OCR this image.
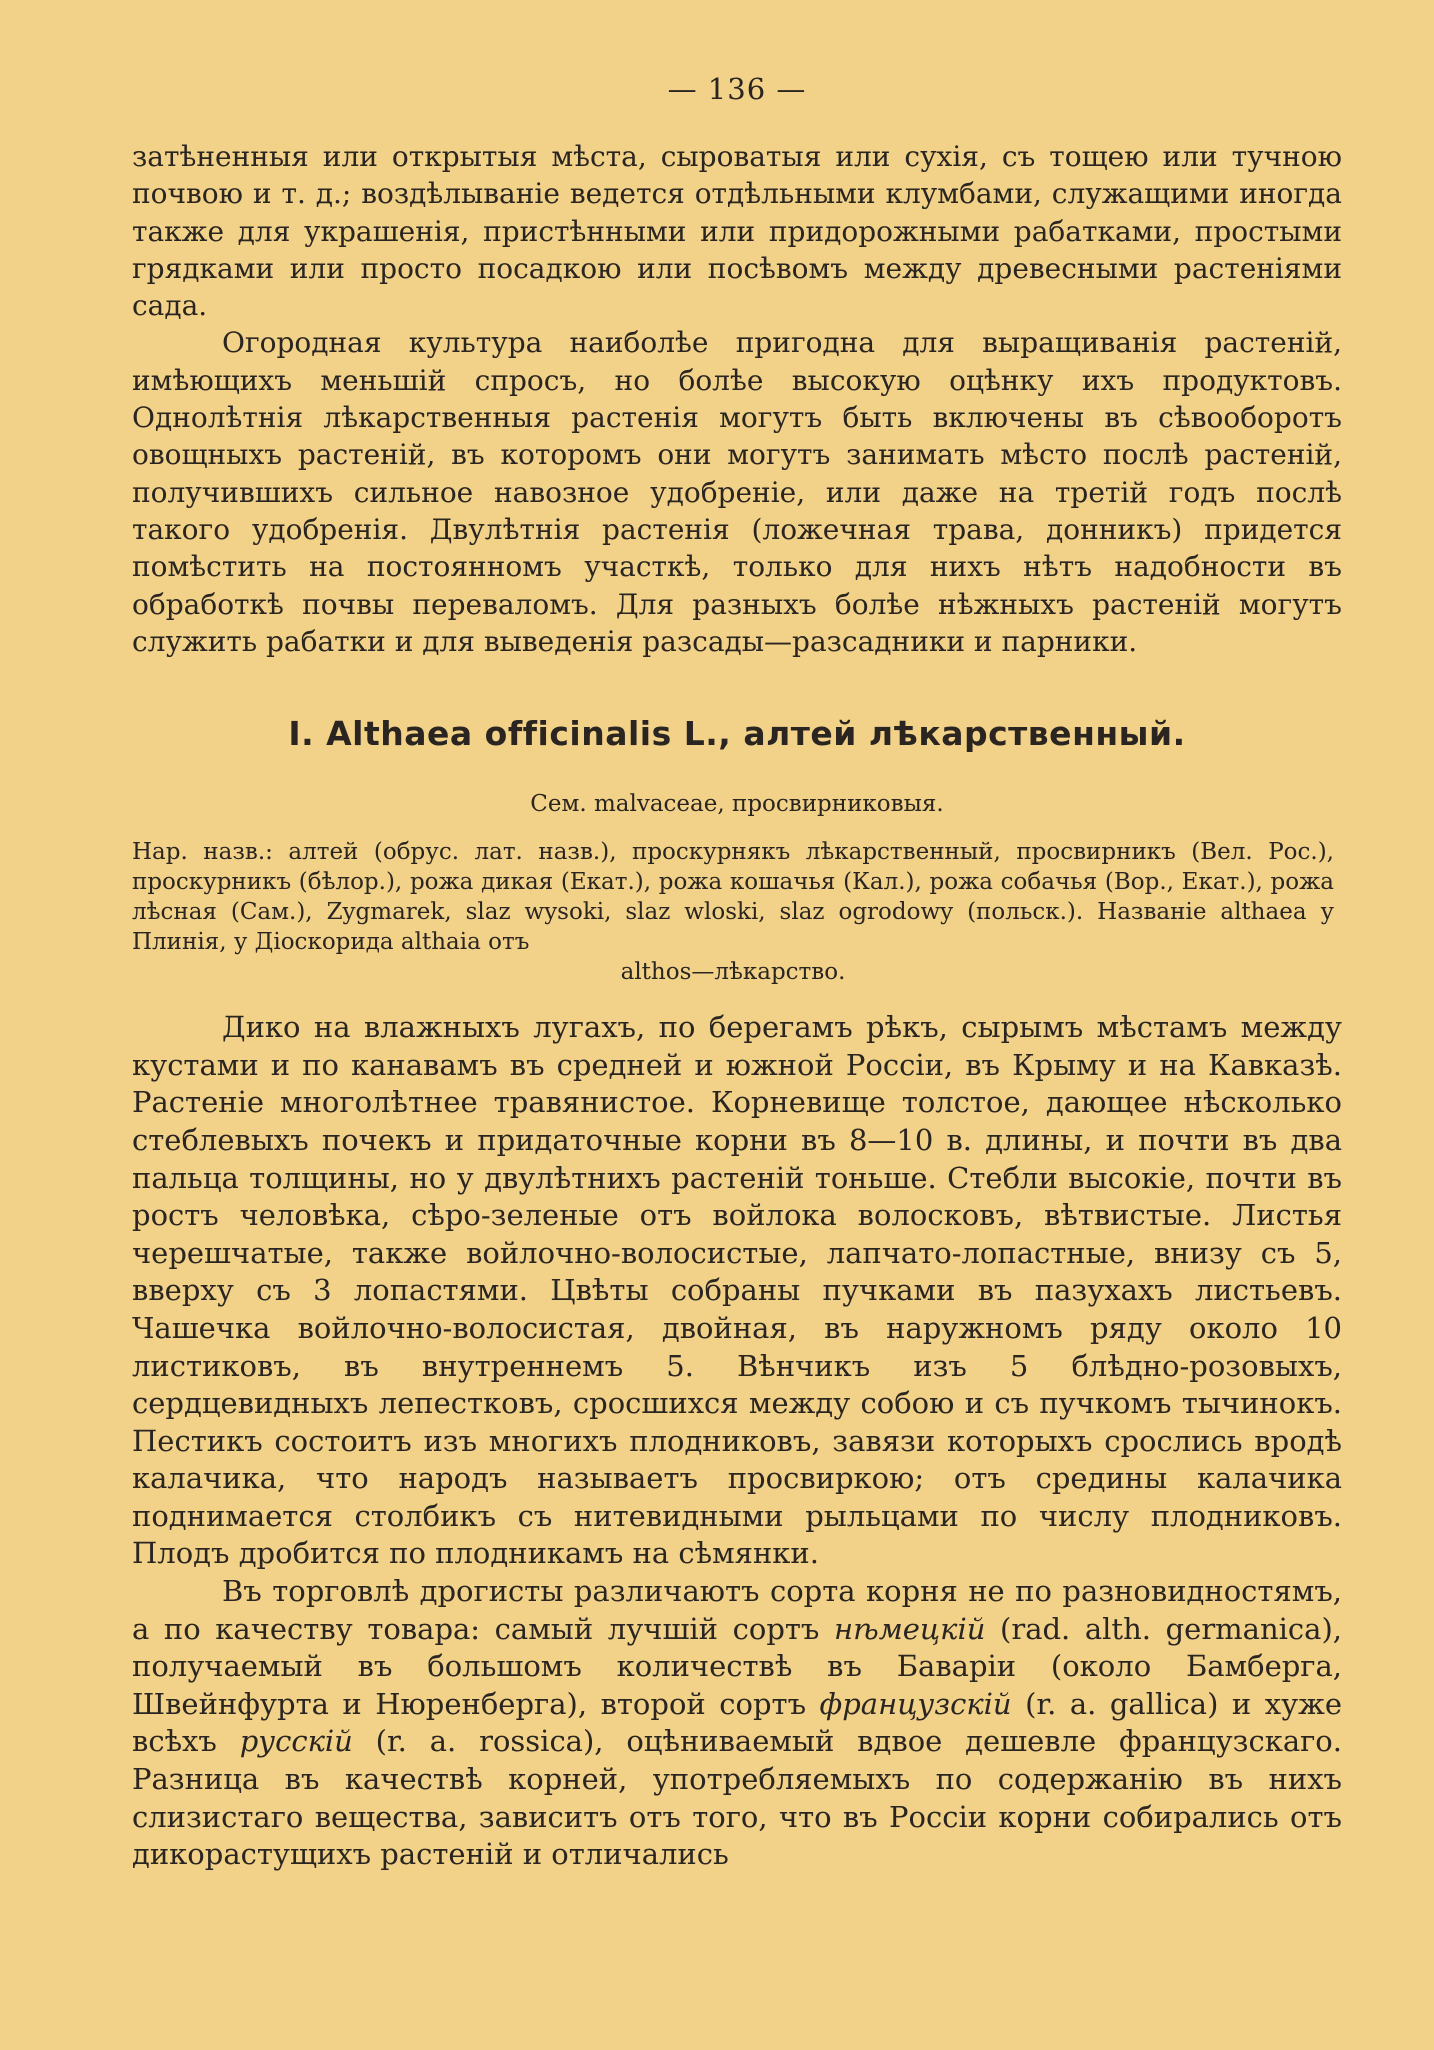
— 136 —

затѣненныя или открытыя мѣста, сыроватыя или сухія, съ тощею или тучною почвою и т. д.; воздѣлываніе ведется отдѣльными клумбами, служащими иногда также для украшенія, пристѣнными или придорожными рабатками, простыми грядками или просто посадкою или посѣвомъ между древесными растеніями сада.

Огородная культура наиболѣе пригодна для выращиванія растеній, имѣющихъ меньшій спросъ, но болѣе высокую оцѣнку ихъ продуктовъ. Однолѣтнія лѣкарственныя растенія могутъ быть включены въ сѣвооборотъ овощныхъ растеній, въ которомъ они могутъ занимать мѣсто послѣ растеній, получившихъ сильное навозное удобреніе, или даже на третій годъ послѣ такого удобренія. Двулѣтнія растенія (ложечная трава, донникъ) придется помѣстить на постоянномъ участкѣ, только для нихъ нѣтъ надобности въ обработкѣ почвы переваломъ. Для разныхъ болѣе нѣжныхъ растеній могутъ служить рабатки и для выведенія разсады—разсадники и парники.

I. Althaea officinalis L., алтей лѣкарственный.
Сем. malvaceae, просвирниковыя.

Нар. назв.: алтей (обрус. лат. назв.), проскурнякъ лѣкарственный, просвирникъ (Вел. Рос.), проскурникъ (бѣлор.), рожа дикая (Екат.), рожа кошачья (Кал.), рожа собачья (Вор., Екат.), рожа лѣсная (Сам.), Zygmarek, slaz wysoki, slaz wloski, slaz ogrodowy (польск.). Названіе althaea у Плинія, у Діоскорида althaia отъ
althos—лѣкарство.

Дико на влажныхъ лугахъ, по берегамъ рѣкъ, сырымъ мѣстамъ между кустами и по канавамъ въ средней и южной Россіи, въ Крыму и на Кавказѣ. Растеніе многолѣтнее травянистое. Корневище толстое, дающее нѣсколько стеблевыхъ почекъ и придаточные корни въ 8—10 в. длины, и почти въ два пальца толщины, но у двулѣтнихъ растеній тоньше. Стебли высокіе, почти въ ростъ человѣка, сѣро-зеленые отъ войлока волосковъ, вѣтвистые. Листья черешчатые, также войлочно-волосистые, лапчато-лопастные, внизу съ 5, вверху съ 3 лопастями. Цвѣты собраны пучками въ пазухахъ листьевъ. Чашечка войлочно-волосистая, двойная, въ наружномъ ряду около 10 листиковъ, въ внутреннемъ 5. Вѣнчикъ изъ 5 блѣдно-розовыхъ, сердцевидныхъ лепестковъ, сросшихся между собою и съ пучкомъ тычинокъ. Пестикъ состоитъ изъ многихъ плодниковъ, завязи которыхъ срослись вродѣ калачика, что народъ называетъ просвиркою; отъ средины калачика поднимается столбикъ съ нитевидными рыльцами по числу плодниковъ. Плодъ дробится по плодникамъ на сѣмянки.

Въ торговлѣ дрогисты различаютъ сорта корня не по разновидностямъ, а по качеству товара: самый лучшій сортъ нѣмецкій (rad. alth. germanica), получаемый въ большомъ количествѣ въ Баваріи (около Бамберга, Швейнфурта и Нюренберга), второй сортъ французскій (r. a. gallica) и хуже всѣхъ русскій (r. a. rossica), оцѣниваемый вдвое дешевле французскаго. Разница въ качествѣ корней, употребляемыхъ по содержанію въ нихъ слизистаго вещества, зависитъ отъ того, что въ Россіи корни собирались отъ дикорастущихъ растеній и отличались
